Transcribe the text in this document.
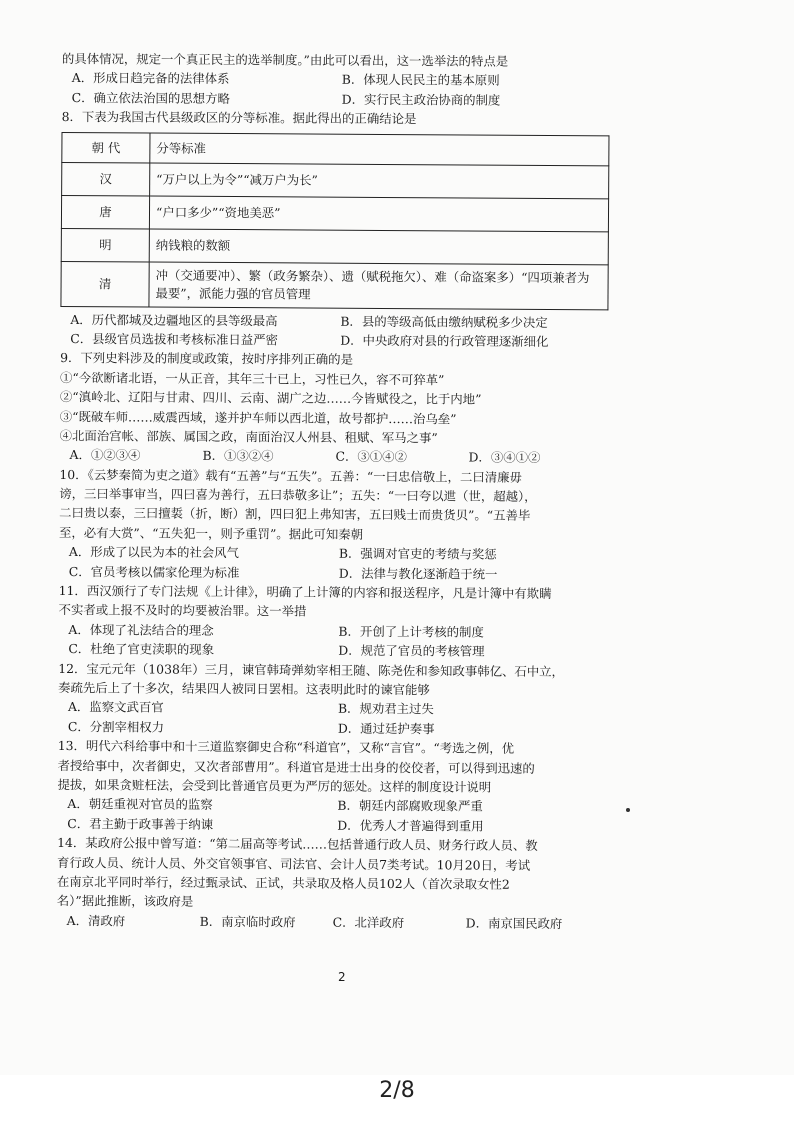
的具体情况，规定一个真正民主的选举制度。”由此可以看出，这一选举法的特点是
A．形成日趋完备的法律体系	B．体现人民民主的基本原则
C．确立依法治国的思想方略	D．实行民主政治协商的制度
8．下表为我国古代县级政区的分等标准。据此得出的正确结论是
朝 代	分等标准
汉	“万户以上为令”“减万户为长”
唐	“户口多少”“资地美恶”
明	纳钱粮的数额
清	冲（交通要冲）、繁（政务繁杂）、遗（赋税拖欠）、难（命盗案多）“四项兼者为最要”，派能力强的官员管理
A．历代都城及边疆地区的县等级最高	B．县的等级高低由缴纳赋税多少决定
C．县级官员选拔和考核标准日益严密	D．中央政府对县的行政管理逐渐细化
9．下列史料涉及的制度或政策，按时序排列正确的是
①“今欲断诸北语，一从正音，其年三十已上，习性已久，容不可猝革”
②“滇岭北、辽阳与甘肃、四川、云南、湖广之边……今皆赋役之，比于内地”
③“既破车师……威震西域，遂并护车师以西北道，故号都护……治乌垒”
④北面治宫帐、部族、属国之政，南面治汉人州县、租赋、军马之事”
A．①②③④	B．①③②④	C．③①④②	D．③④①②
10．《云梦秦简为吏之道》载有“五善”与“五失”。五善：“一曰忠信敬上，二曰清廉毋
谤，三曰举事审当，四曰喜为善行，五曰恭敬多让”；五失：“一曰夸以迣（世，超越），
二曰贵以泰，三曰擅裚（折，断）割，四曰犯上弗知害，五曰贱士而贵货贝”。“五善毕
至，必有大赏”、“五失犯一，则予重罚”。据此可知秦朝
A．形成了以民为本的社会风气	B．强调对官吏的考绩与奖惩
C．官员考核以儒家伦理为标准	D．法律与教化逐渐趋于统一
11．西汉颁行了专门法规《上计律》，明确了上计簿的内容和报送程序，凡是计簿中有欺瞒
不实者或上报不及时的均要被治罪。这一举措
A．体现了礼法结合的理念	B．开创了上计考核的制度
C．杜绝了官吏渎职的现象	D．规范了官员的考核管理
12．宝元元年（1038年）三月，谏官韩琦弹劾宰相王随、陈尧佐和参知政事韩亿、石中立，
奏疏先后上了十多次，结果四人被同日罢相。这表明此时的谏官能够
A．监察文武百官	B．规劝君主过失
C．分割宰相权力	D．通过廷护奏事
13．明代六科给事中和十三道监察御史合称“科道官”，又称“言官”。“考选之例，优
者授给事中，次者御史，又次者部曹用”。科道官是进士出身的佼佼者，可以得到迅速的
提拔，如果贪赃枉法，会受到比普通官员更为严厉的惩处。这样的制度设计说明
A．朝廷重视对官员的监察	B．朝廷内部腐败现象严重
C．君主勤于政事善于纳谏	D．优秀人才普遍得到重用
14．某政府公报中曾写道：“第二届高等考试……包括普通行政人员、财务行政人员、教
育行政人员、统计人员、外交官领事官、司法官、会计人员7类考试。10月20日，考试
在南京北平同时举行，经过甄录试、正试，共录取及格人员102人（首次录取女性2
名）”据此推断，该政府是
A．清政府	B．南京临时政府	C．北洋政府	D．南京国民政府
2
2/8
